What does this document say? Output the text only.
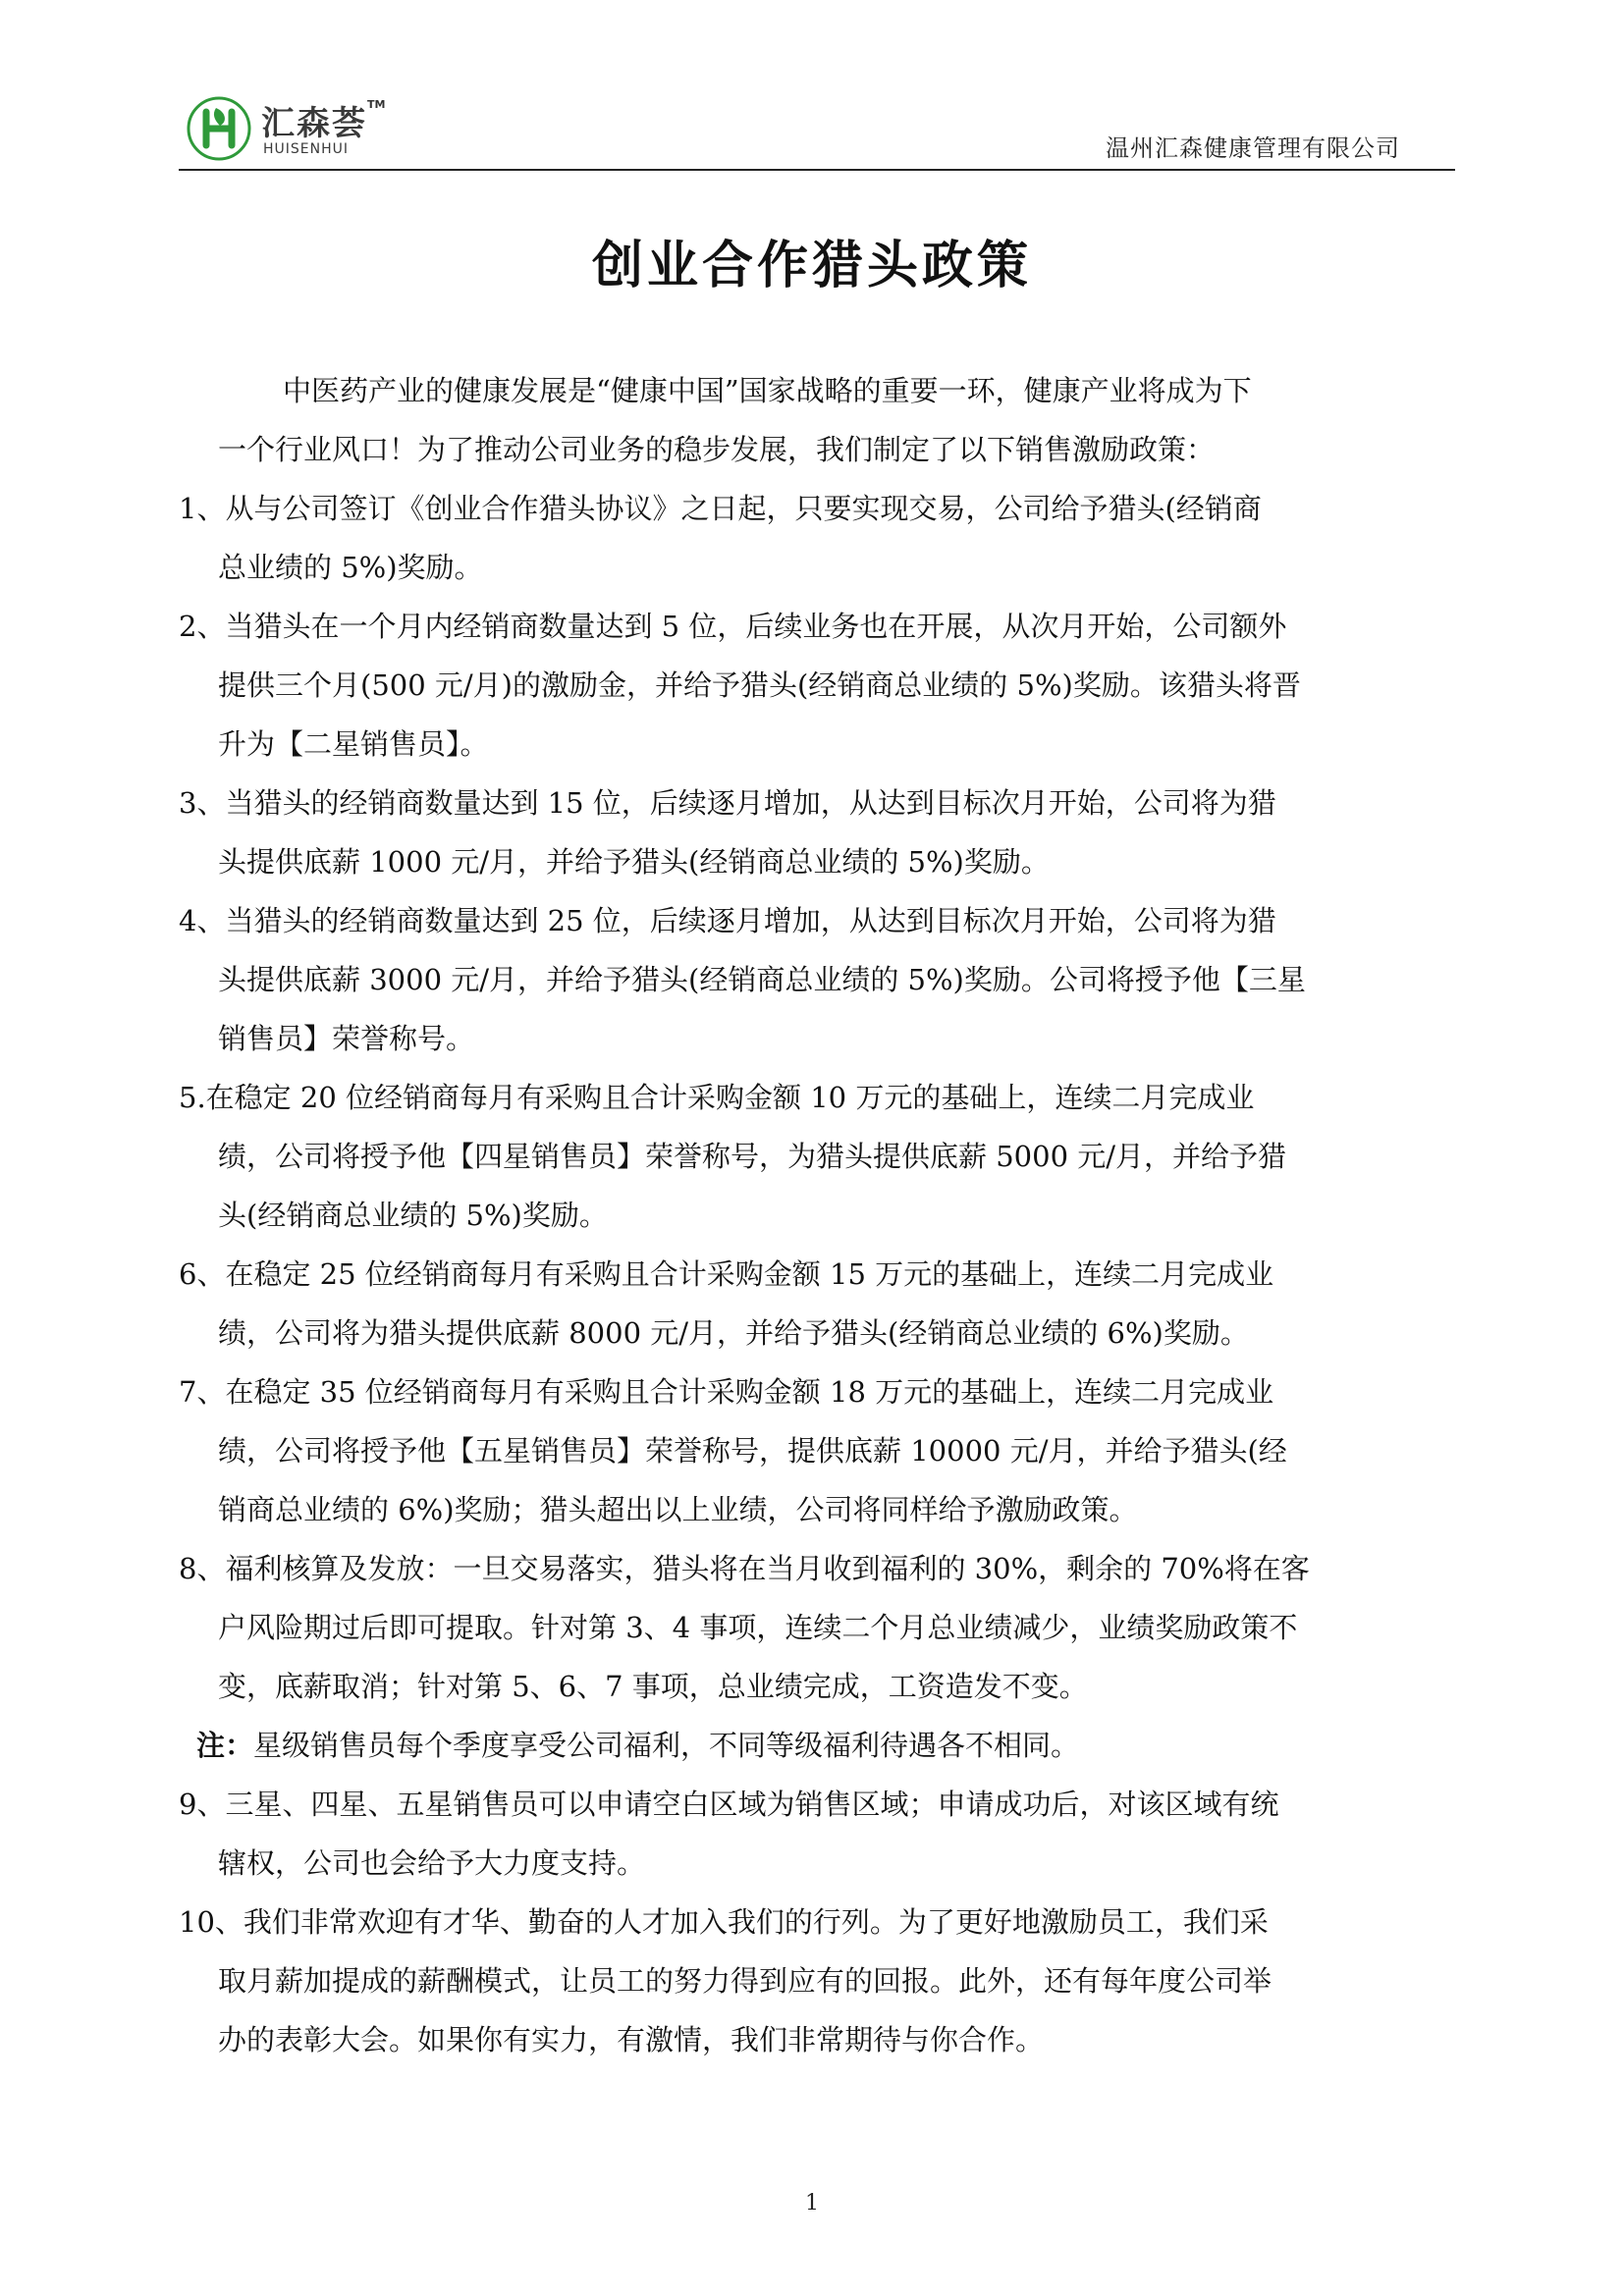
汇森荟 TM
HUISENHUI	温州汇森健康管理有限公司
创业合作猎头政策
中医药产业的健康发展是“健康中国”国家战略的重要一环，健康产业将成为下
一个行业风口！为了推动公司业务的稳步发展，我们制定了以下销售激励政策：
1、从与公司签订《创业合作猎头协议》之日起，只要实现交易，公司给予猎头(经销商
总业绩的 5%)奖励。
2、当猎头在一个月内经销商数量达到 5 位，后续业务也在开展，从次月开始，公司额外
提供三个月(500 元/月)的激励金，并给予猎头(经销商总业绩的 5%)奖励。该猎头将晋
升为【二星销售员】。
3、当猎头的经销商数量达到 15 位，后续逐月增加，从达到目标次月开始，公司将为猎
头提供底薪 1000 元/月，并给予猎头(经销商总业绩的 5%)奖励。
4、当猎头的经销商数量达到 25 位，后续逐月增加，从达到目标次月开始，公司将为猎
头提供底薪 3000 元/月，并给予猎头(经销商总业绩的 5%)奖励。公司将授予他【三星
销售员】荣誉称号。
5.在稳定 20 位经销商每月有采购且合计采购金额 10 万元的基础上，连续二月完成业
绩，公司将授予他【四星销售员】荣誉称号，为猎头提供底薪 5000 元/月，并给予猎
头(经销商总业绩的 5%)奖励。
6、在稳定 25 位经销商每月有采购且合计采购金额 15 万元的基础上，连续二月完成业
绩，公司将为猎头提供底薪 8000 元/月，并给予猎头(经销商总业绩的 6%)奖励。
7、在稳定 35 位经销商每月有采购且合计采购金额 18 万元的基础上，连续二月完成业
绩，公司将授予他【五星销售员】荣誉称号，提供底薪 10000 元/月，并给予猎头(经
销商总业绩的 6%)奖励；猎头超出以上业绩，公司将同样给予激励政策。
8、福利核算及发放：一旦交易落实，猎头将在当月收到福利的 30%，剩余的 70%将在客
户风险期过后即可提取。针对第 3、4 事项，连续二个月总业绩减少，业绩奖励政策不
变，底薪取消；针对第 5、6、7 事项，总业绩完成，工资造发不变。
注：星级销售员每个季度享受公司福利，不同等级福利待遇各不相同。
9、三星、四星、五星销售员可以申请空白区域为销售区域；申请成功后，对该区域有统
辖权，公司也会给予大力度支持。
10、我们非常欢迎有才华、勤奋的人才加入我们的行列。为了更好地激励员工，我们采
取月薪加提成的薪酬模式，让员工的努力得到应有的回报。此外，还有每年度公司举
办的表彰大会。如果你有实力，有激情，我们非常期待与你合作。
1
